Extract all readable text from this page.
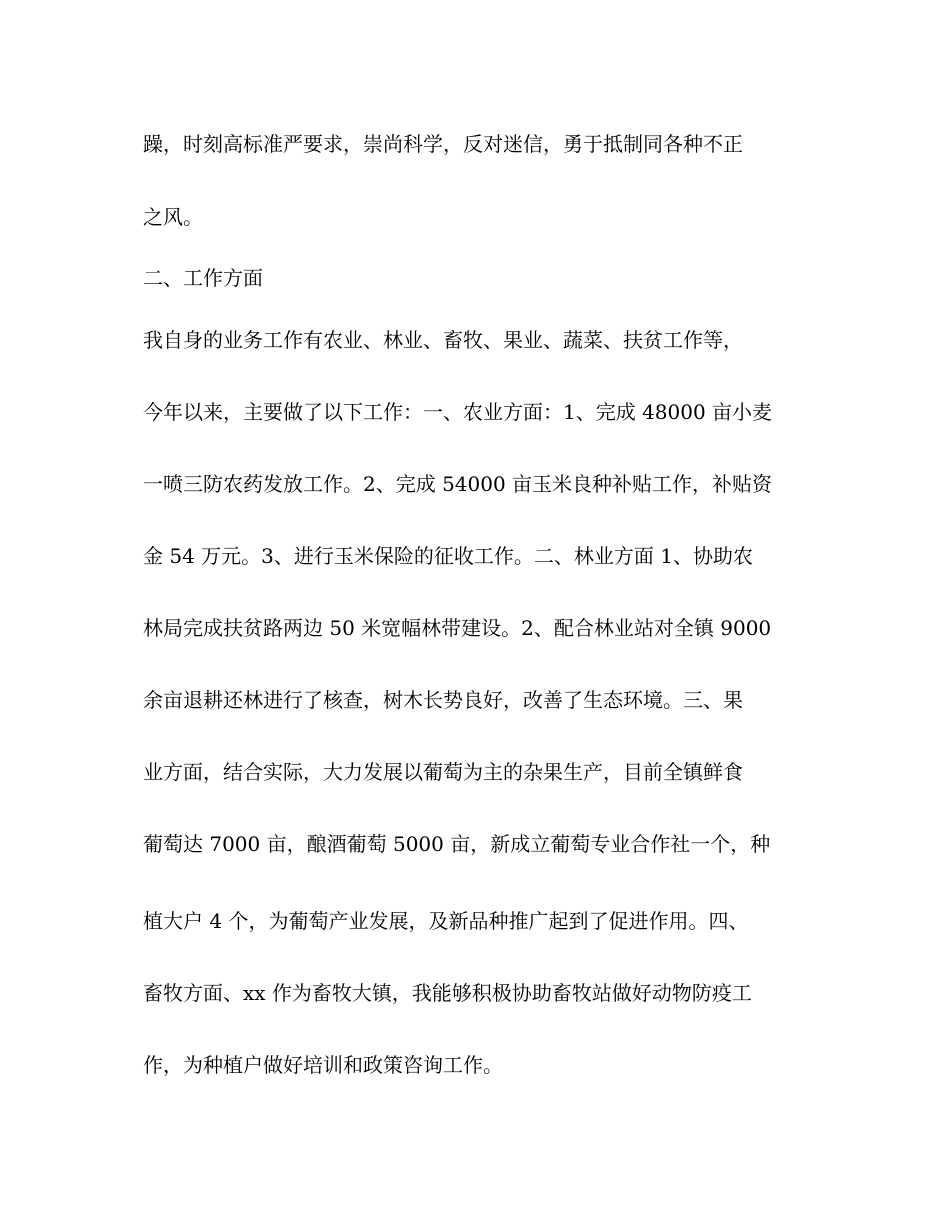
躁，时刻高标准严要求，崇尚科学，反对迷信，勇于抵制同各种不正
之风。
二、工作方面
我自身的业务工作有农业、林业、畜牧、果业、蔬菜、扶贫工作等，
今年以来，主要做了以下工作：一、农业方面：1、完成 48000 亩小麦
一喷三防农药发放工作。2、完成 54000 亩玉米良种补贴工作，补贴资
金 54 万元。3、进行玉米保险的征收工作。二、林业方面 1、协助农
林局完成扶贫路两边 50 米宽幅林带建设。2、配合林业站对全镇 9000
余亩退耕还林进行了核查，树木长势良好，改善了生态环境。三、果
业方面，结合实际，大力发展以葡萄为主的杂果生产，目前全镇鲜食
葡萄达 7000 亩，酿酒葡萄 5000 亩，新成立葡萄专业合作社一个，种
植大户 4 个，为葡萄产业发展，及新品种推广起到了促进作用。四、
畜牧方面、xx 作为畜牧大镇，我能够积极协助畜牧站做好动物防疫工
作，为种植户做好培训和政策咨询工作。
